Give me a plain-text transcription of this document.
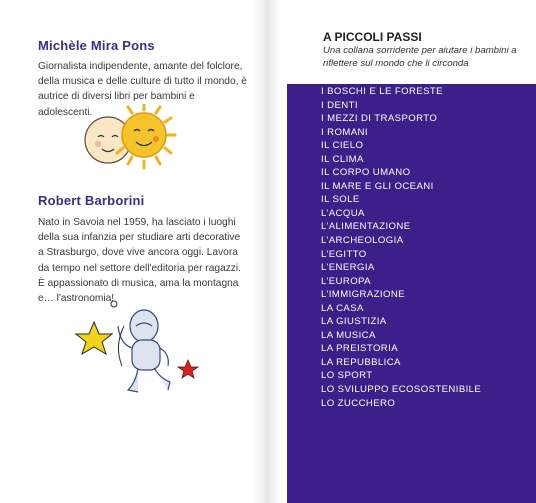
Michèle Mira Pons
Giornalista indipendente, amante del folclore, della musica e delle culture di tutto il mondo, è autrice di diversi libri per bambini e adolescenti.
Robert Barborini
Nato in Savoia nel 1959, ha lasciato i luoghi della sua infanzia per studiare arti decorative a Strasburgo, dove vive ancora oggi. Lavora da tempo nel settore dell'editoria per ragazzi. È appassionato di musica, ama la montagna e… l'astronomia!
A PICCOLI PASSI
Una collana sorridente per aiutare i bambini a riflettere sul mondo che li circonda
I BOSCHI E LE FORESTE
I DENTI
I MEZZI DI TRASPORTO
I ROMANI
IL CIELO
IL CLIMA
IL CORPO UMANO
IL MARE E GLI OCEANI
IL SOLE
L’ACQUA
L’ALIMENTAZIONE
L’ARCHEOLOGIA
L’EGITTO
L’ENERGIA
L’EUROPA
L’IMMIGRAZIONE
LA CASA
LA GIUSTIZIA
LA MUSICA
LA PREISTORIA
LA REPUBBLICA
LO SPORT
LO SVILUPPO ECOSOSTENIBILE
LO ZUCCHERO
